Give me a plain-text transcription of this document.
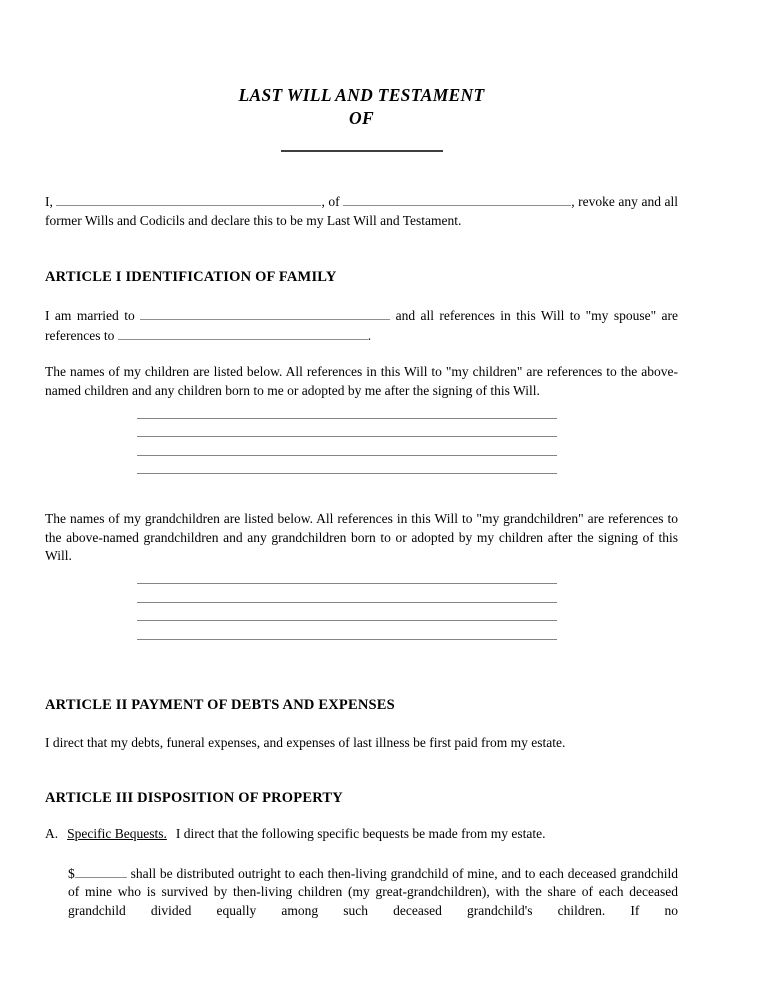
LAST WILL AND TESTAMENT
OF

I,	, of	, revoke any and all former Wills and Codicils and declare this to be my Last Will and Testament.

ARTICLE I IDENTIFICATION OF FAMILY

I am married to	and all references in this Will to "my spouse" are references to	.

The names of my children are listed below. All references in this Will to "my children" are references to the above-named children and any children born to me or adopted by me after the signing of this Will.

The names of my grandchildren are listed below. All references in this Will to "my grandchildren" are references to the above-named grandchildren and any grandchildren born to or adopted by my children after the signing of this Will.

ARTICLE II PAYMENT OF DEBTS AND EXPENSES

I direct that my debts, funeral expenses, and expenses of last illness be first paid from my estate.

ARTICLE III DISPOSITION OF PROPERTY

A. Specific Bequests. I direct that the following specific bequests be made from my estate.

$	shall be distributed outright to each then-living grandchild of mine, and to each deceased grandchild of mine who is survived by then-living children (my great-grandchildren), with the share of each deceased grandchild divided equally among such deceased grandchild's children. If no
